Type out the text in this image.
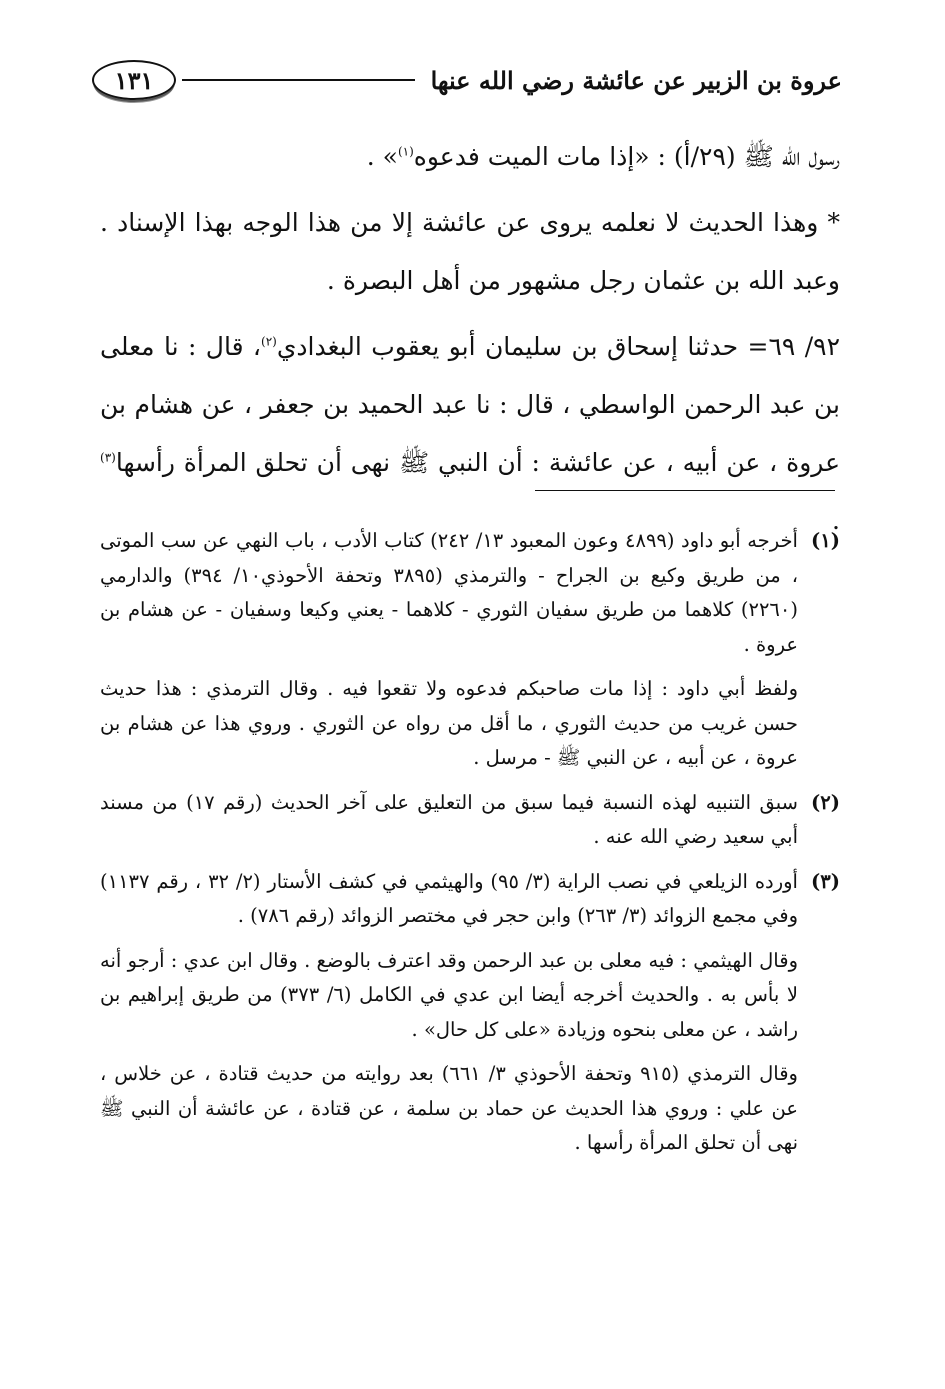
عروة بن الزبير عن عائشة رضي الله عنها
١٣١

رسول الله ﷺ (٢٩/أ) : «إذا مات الميت فدعوه$^{(١)}$» .

* وهذا الحديث لا نعلمه يروى عن عائشة إلا من هذا الوجه بهذا الإسناد . وعبد الله بن عثمان رجل مشهور من أهل البصرة .

٩٢/ ٦٩= حدثنا إسحاق بن سليمان أبو يعقوب البغدادي$^{(٢)}$، قال : نا معلى بن عبد الرحمن الواسطي ، قال : نا عبد الحميد بن جعفر ، عن هشام بن عروة ، عن أبيه ، عن عائشة : أن النبي ﷺ نهى أن تحلق المرأة رأسها$^{(٣)}$ .

(١)
أخرجه أبو داود (٤٨٩٩ وعون المعبود ١٣/ ٢٤٢) كتاب الأدب ، باب النهي عن سب الموتى ، من طريق وكيع بن الجراح - والترمذي (٣٨٩٥ وتحفة الأحوذي١٠/ ٣٩٤) والدارمي (٢٢٦٠) كلاهما من طريق سفيان الثوري - كلاهما - يعني وكيعا وسفيان - عن هشام بن عروة .

ولفظ أبي داود : إذا مات صاحبكم فدعوه ولا تقعوا فيه . وقال الترمذي : هذا حديث حسن غريب من حديث الثوري ، ما أقل من رواه عن الثوري . وروي هذا عن هشام بن عروة ، عن أبيه ، عن النبي ﷺ - مرسل .

(٢)
سبق التنبيه لهذه النسبة فيما سبق من التعليق على آخر الحديث (رقم ١٧) من مسند أبي سعيد رضي الله عنه .

(٣)
أورده الزيلعي في نصب الراية (٣/ ٩٥) والهيثمي في كشف الأستار (٢/ ٣٢ ، رقم ١١٣٧) وفي مجمع الزوائد (٣/ ٢٦٣) وابن حجر في مختصر الزوائد (رقم ٧٨٦) .

وقال الهيثمي : فيه معلى بن عبد الرحمن وقد اعترف بالوضع . وقال ابن عدي : أرجو أنه لا بأس به . والحديث أخرجه أيضا ابن عدي في الكامل (٦/ ٣٧٣) من طريق إبراهيم بن راشد ، عن معلى بنحوه وزيادة «على كل حال» .

وقال الترمذي (٩١٥ وتحفة الأحوذي ٣/ ٦٦١) بعد روايته من حديث قتادة ، عن خلاس ، عن علي : وروي هذا الحديث عن حماد بن سلمة ، عن قتادة ، عن عائشة أن النبي ﷺ نهى أن تحلق المرأة رأسها .
